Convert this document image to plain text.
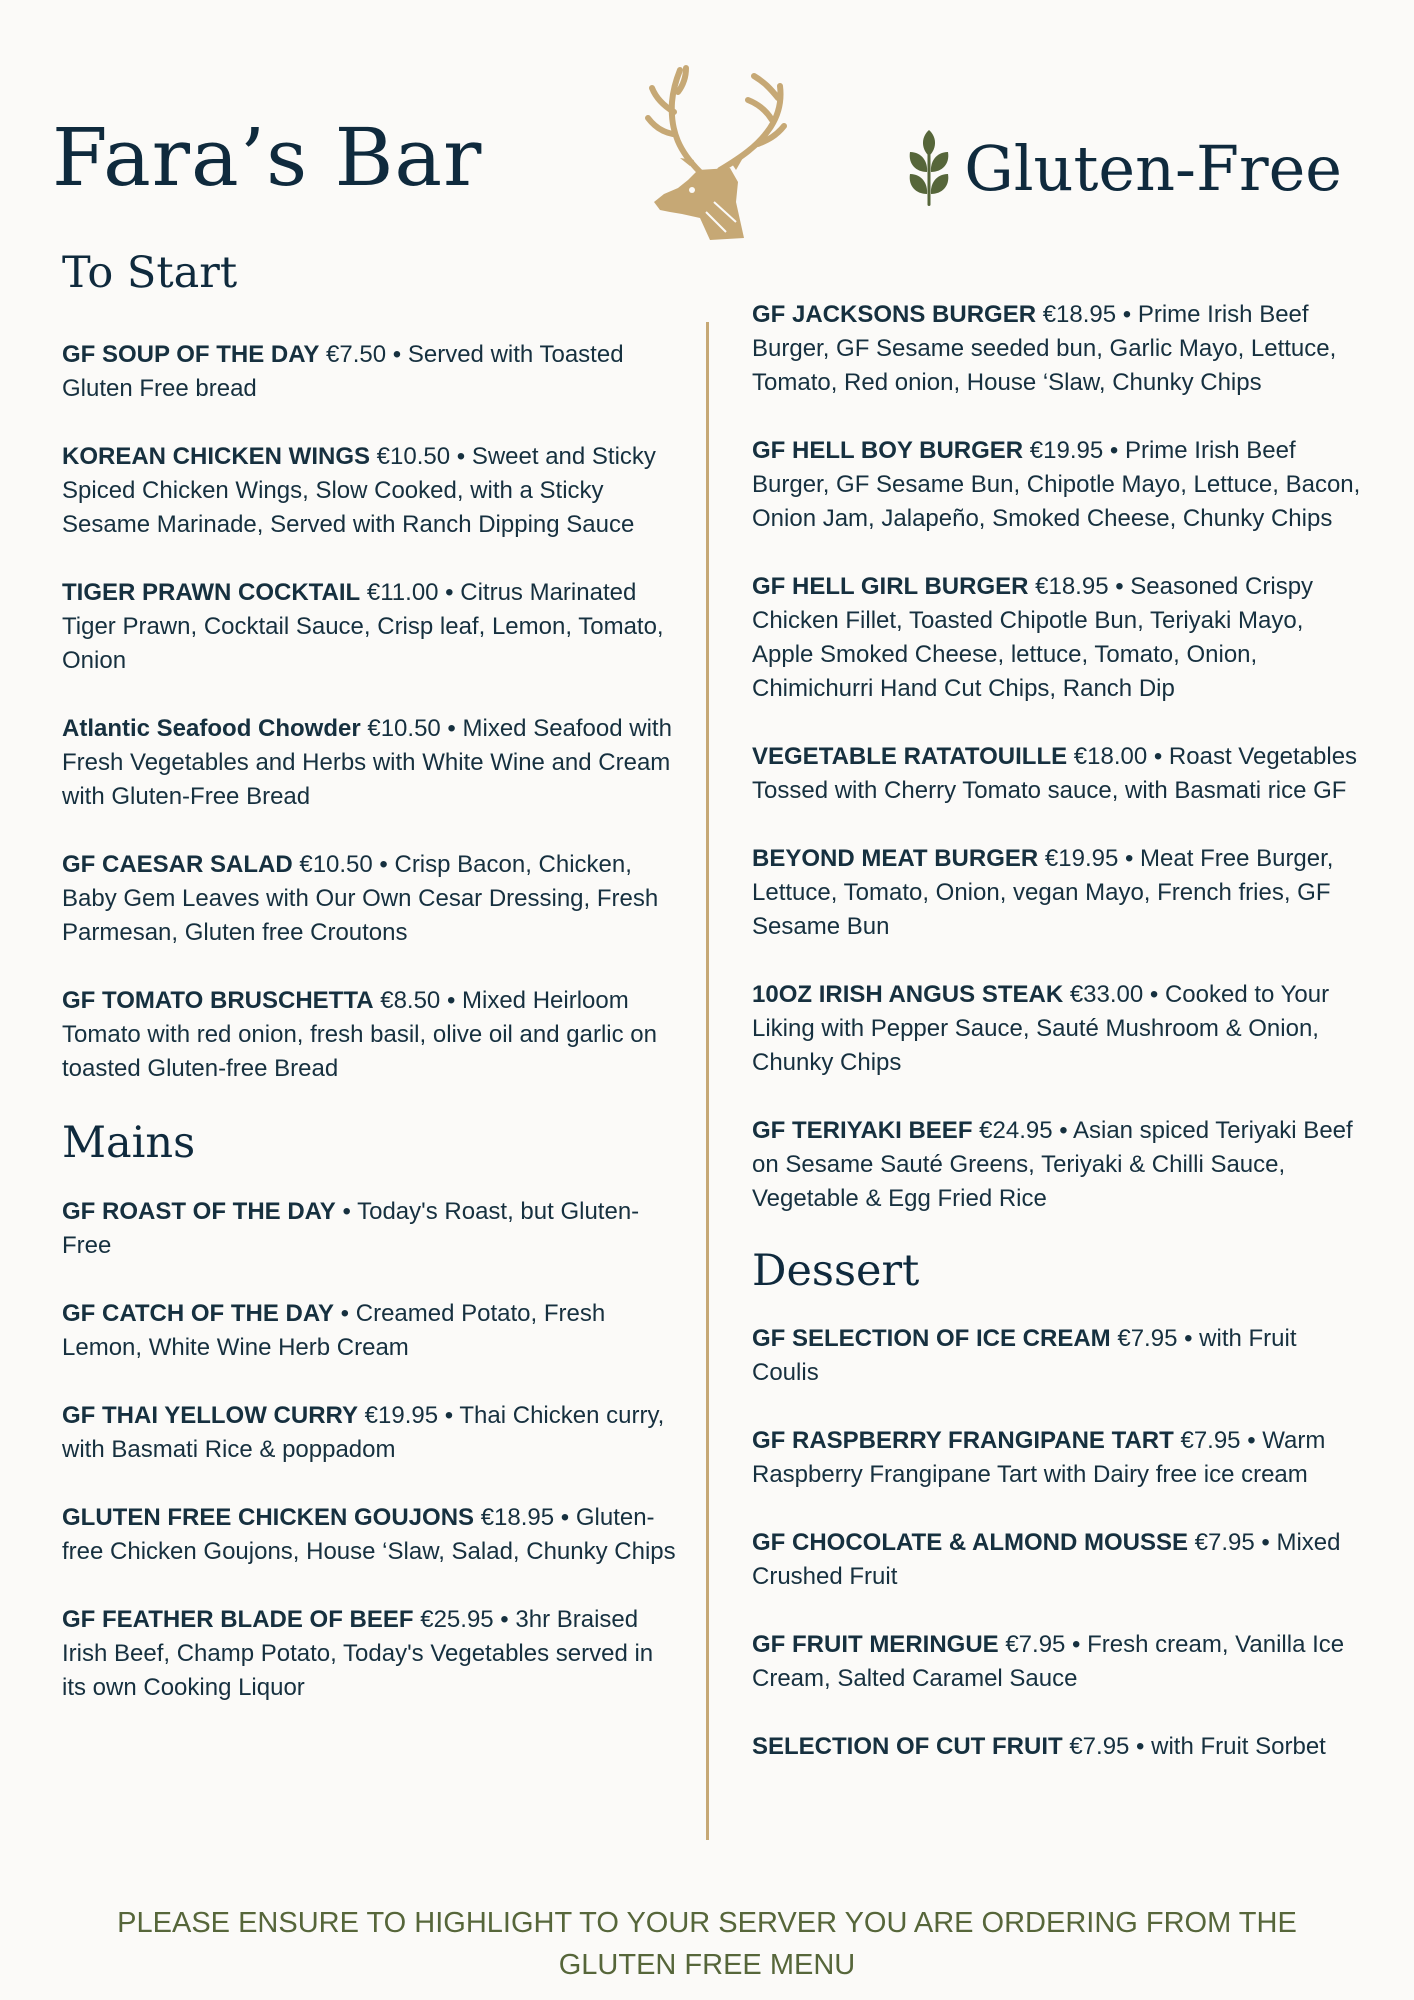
Fara’s Bar	Gluten-Free
To Start

GF SOUP OF THE DAY €7.50 • Served with Toasted Gluten Free bread

KOREAN CHICKEN WINGS €10.50 • Sweet and Sticky Spiced Chicken Wings, Slow Cooked, with a Sticky Sesame Marinade, Served with Ranch Dipping Sauce

TIGER PRAWN COCKTAIL €11.00 • Citrus Marinated Tiger Prawn, Cocktail Sauce, Crisp leaf, Lemon, Tomato, Onion

Atlantic Seafood Chowder €10.50 • Mixed Seafood with Fresh Vegetables and Herbs with White Wine and Cream with Gluten-Free Bread

GF CAESAR SALAD €10.50 • Crisp Bacon, Chicken, Baby Gem Leaves with Our Own Cesar Dressing, Fresh Parmesan, Gluten free Croutons

GF TOMATO BRUSCHETTA €8.50 • Mixed Heirloom Tomato with red onion, fresh basil, olive oil and garlic on toasted Gluten-free Bread

Mains

GF ROAST OF THE DAY • Today's Roast, but Gluten-Free

GF CATCH OF THE DAY • Creamed Potato, Fresh Lemon, White Wine Herb Cream

GF THAI YELLOW CURRY €19.95 • Thai Chicken curry, with Basmati Rice & poppadom

GLUTEN FREE CHICKEN GOUJONS €18.95 • Gluten-free Chicken Goujons, House ‘Slaw, Salad, Chunky Chips

GF FEATHER BLADE OF BEEF €25.95 • 3hr Braised Irish Beef, Champ Potato, Today's Vegetables served in its own Cooking Liquor

GF JACKSONS BURGER €18.95 • Prime Irish Beef Burger, GF Sesame seeded bun, Garlic Mayo, Lettuce, Tomato, Red onion, House ‘Slaw, Chunky Chips

GF HELL BOY BURGER €19.95 • Prime Irish Beef Burger, GF Sesame Bun, Chipotle Mayo, Lettuce, Bacon, Onion Jam, Jalapeño, Smoked Cheese, Chunky Chips

GF HELL GIRL BURGER €18.95 • Seasoned Crispy Chicken Fillet, Toasted Chipotle Bun, Teriyaki Mayo, Apple Smoked Cheese, lettuce, Tomato, Onion, Chimichurri Hand Cut Chips, Ranch Dip

VEGETABLE RATATOUILLE €18.00 • Roast Vegetables Tossed with Cherry Tomato sauce, with Basmati rice GF

BEYOND MEAT BURGER €19.95 • Meat Free Burger, Lettuce, Tomato, Onion, vegan Mayo, French fries, GF Sesame Bun

10OZ IRISH ANGUS STEAK €33.00 • Cooked to Your Liking with Pepper Sauce, Sauté Mushroom & Onion, Chunky Chips

GF TERIYAKI BEEF €24.95 • Asian spiced Teriyaki Beef on Sesame Sauté Greens, Teriyaki & Chilli Sauce, Vegetable & Egg Fried Rice

Dessert

GF SELECTION OF ICE CREAM €7.95 • with Fruit Coulis

GF RASPBERRY FRANGIPANE TART €7.95 • Warm Raspberry Frangipane Tart with Dairy free ice cream

GF CHOCOLATE & ALMOND MOUSSE €7.95 • Mixed Crushed Fruit

GF FRUIT MERINGUE €7.95 • Fresh cream, Vanilla Ice Cream, Salted Caramel Sauce

SELECTION OF CUT FRUIT €7.95 • with Fruit Sorbet

PLEASE ENSURE TO HIGHLIGHT TO YOUR SERVER YOU ARE ORDERING FROM THE
GLUTEN FREE MENU
